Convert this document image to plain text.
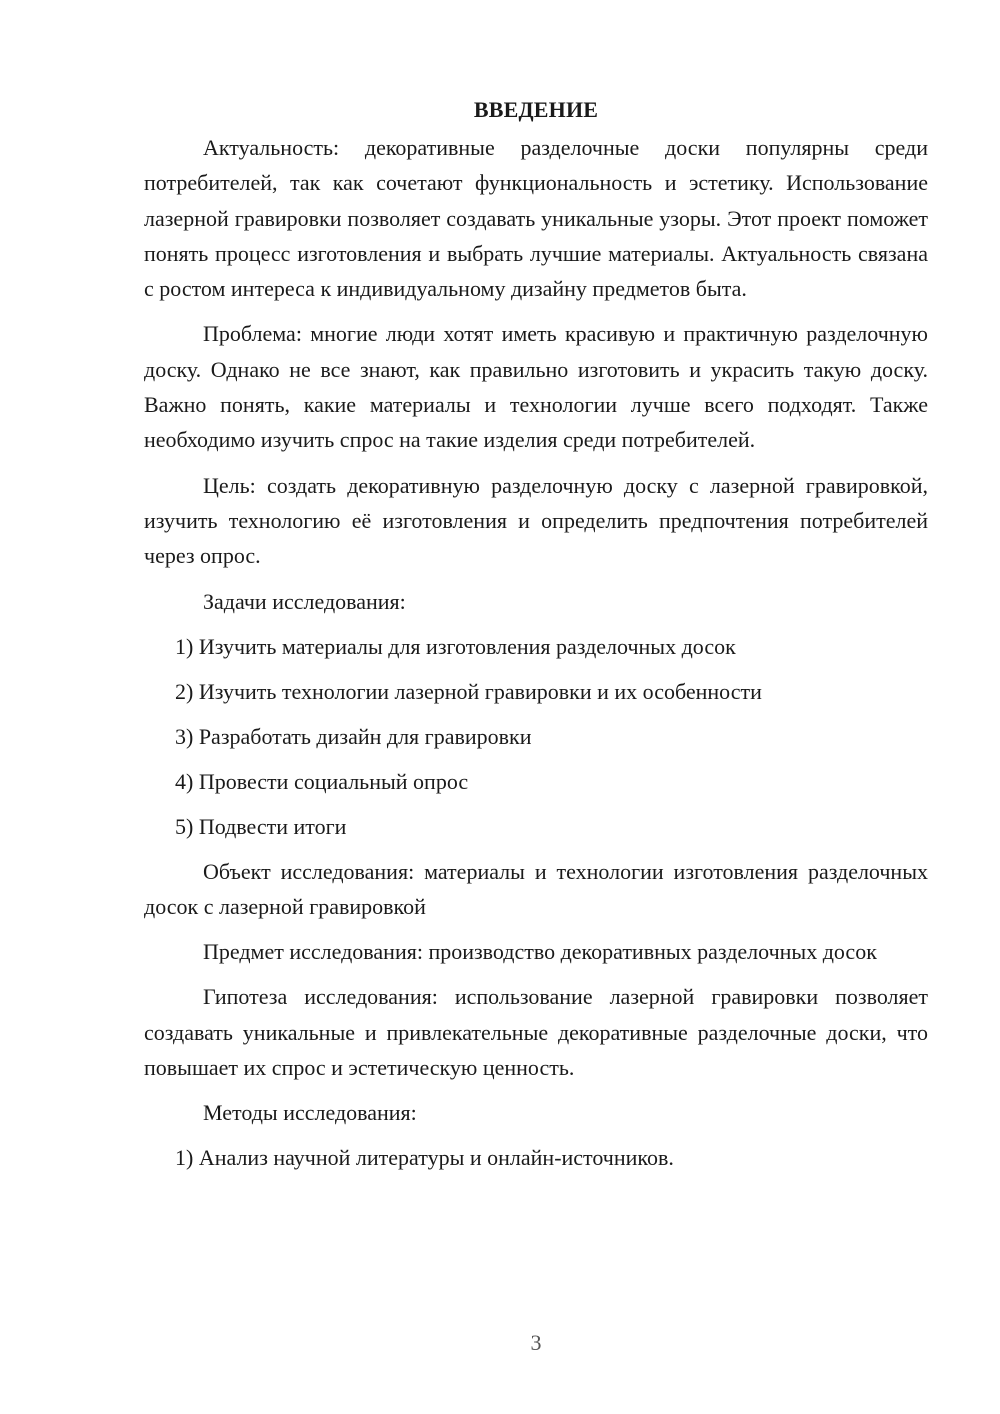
ВВЕДЕНИЕ

Актуальность: декоративные разделочные доски популярны среди потребителей, так как сочетают функциональность и эстетику. Использование лазерной гравировки позволяет создавать уникальные узоры. Этот проект поможет понять процесс изготовления и выбрать лучшие материалы. Актуальность связана с ростом интереса к индивидуальному дизайну предметов быта.

Проблема: многие люди хотят иметь красивую и практичную разделочную доску. Однако не все знают, как правильно изготовить и украсить такую доску. Важно понять, какие материалы и технологии лучше всего подходят. Также необходимо изучить спрос на такие изделия среди потребителей.

Цель: создать декоративную разделочную доску с лазерной гравировкой, изучить технологию её изготовления и определить предпочтения потребителей через опрос.

Задачи исследования:

1) Изучить материалы для изготовления разделочных досок

2) Изучить технологии лазерной гравировки и их особенности

3) Разработать дизайн для гравировки

4) Провести социальный опрос

5) Подвести итоги

Объект исследования: материалы и технологии изготовления разделочных досок с лазерной гравировкой

Предмет исследования: производство декоративных разделочных досок

Гипотеза исследования: использование лазерной гравировки позволяет создавать уникальные и привлекательные декоративные разделочные доски, что повышает их спрос и эстетическую ценность.

Методы исследования:

1) Анализ научной литературы и онлайн-источников.

3
